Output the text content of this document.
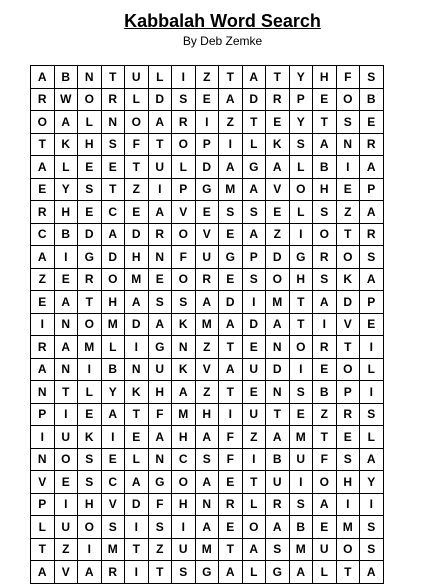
Kabbalah Word Search
By Deb Zemke
A	B	N	T	U	L	I	Z	T	A	T	Y	H	F	S
R	W	O	R	L	D	S	E	A	D	R	P	E	O	B
O	A	L	N	O	A	R	I	Z	T	E	Y	T	S	E
T	K	H	S	F	T	O	P	I	L	K	S	A	N	R
A	L	E	E	T	U	L	D	A	G	A	L	B	I	A
E	Y	S	T	Z	I	P	G	M	A	V	O	H	E	P
R	H	E	C	E	A	V	E	S	S	E	L	S	Z	A
C	B	D	A	D	R	O	V	E	A	Z	I	O	T	R
A	I	G	D	H	N	F	U	G	P	D	G	R	O	S
Z	E	R	O	M	E	O	R	E	S	O	H	S	K	A
E	A	T	H	A	S	S	A	D	I	M	T	A	D	P
I	N	O	M	D	A	K	M	A	D	A	T	I	V	E
R	A	M	L	I	G	N	Z	T	E	N	O	R	T	I
A	N	I	B	N	U	K	V	A	U	D	I	E	O	L
N	T	L	Y	K	H	A	Z	T	E	N	S	B	P	I
P	I	E	A	T	F	M	H	I	U	T	E	Z	R	S
I	U	K	I	E	A	H	A	F	Z	A	M	T	E	L
N	O	S	E	L	N	C	S	F	I	B	U	F	S	A
V	E	S	C	A	G	O	A	E	T	U	I	O	H	Y
P	I	H	V	D	F	H	N	R	L	R	S	A	I	I
L	U	O	S	I	S	I	A	E	O	A	B	E	M	S
T	Z	I	M	T	Z	U	M	T	A	S	M	U	O	S
A	V	A	R	I	T	S	G	A	L	G	A	L	T	A
